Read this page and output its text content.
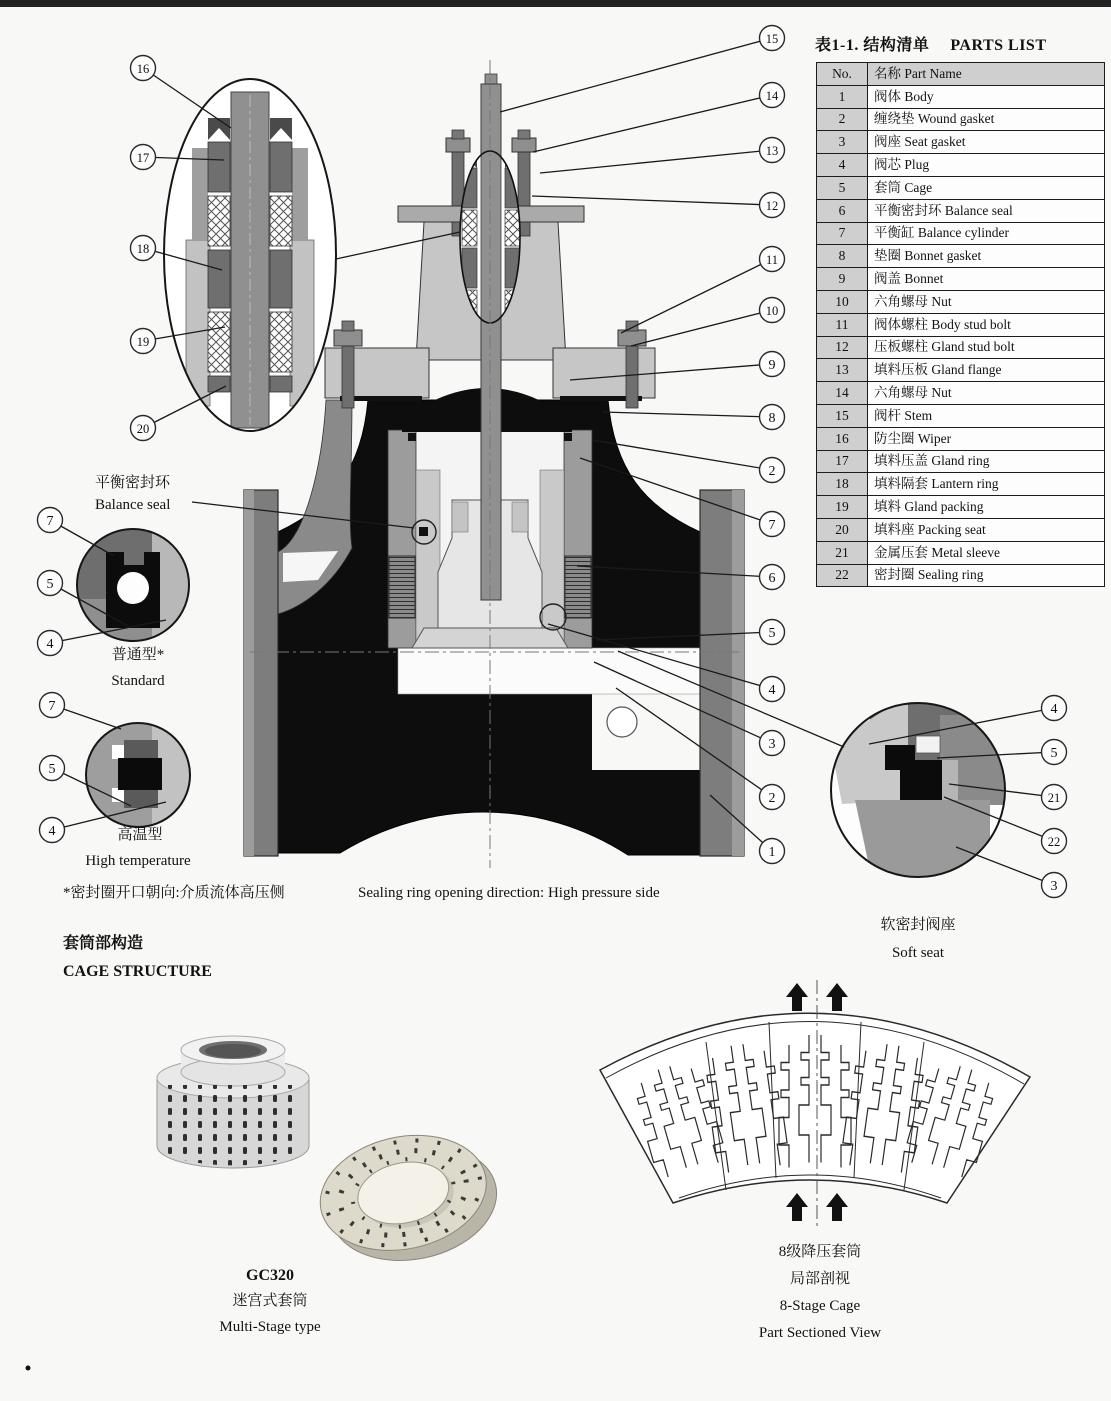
15
14
13
12
11
10
9
8
2
7
6
5
4
3
2
1
16
17
18
19
20
7
5
4
7
5
4
4
5
21
22
3
表1-1. 结构清单　 PARTS LIST
No.	名称 Part Name
1	阀体 Body
2	缠绕垫 Wound gasket
3	阀座 Seat gasket
4	阀芯 Plug
5	套筒 Cage
6	平衡密封环 Balance seal
7	平衡缸 Balance cylinder
8	垫圈 Bonnet gasket
9	阀盖 Bonnet
10	六角螺母 Nut
11	阀体螺柱 Body stud bolt
12	压板螺柱 Gland stud bolt
13	填料压板 Gland flange
14	六角螺母 Nut
15	阀杆 Stem
16	防尘圈 Wiper
17	填料压盖 Gland ring
18	填料隔套 Lantern ring
19	填料 Gland packing
20	填料座 Packing seat
21	金属压套 Metal sleeve
22	密封圈 Sealing ring
平衡密封环
Balance seal
普通型*
Standard
高温型
High temperature
*密封圈开口朝向:介质流体高压侧	Sealing ring opening direction: High pressure side
套筒部构造
CAGE STRUCTURE
GC320
迷宫式套筒
Multi-Stage type
软密封阀座
Soft seat
8级降压套筒
局部剖视
8-Stage Cage
Part Sectioned View
